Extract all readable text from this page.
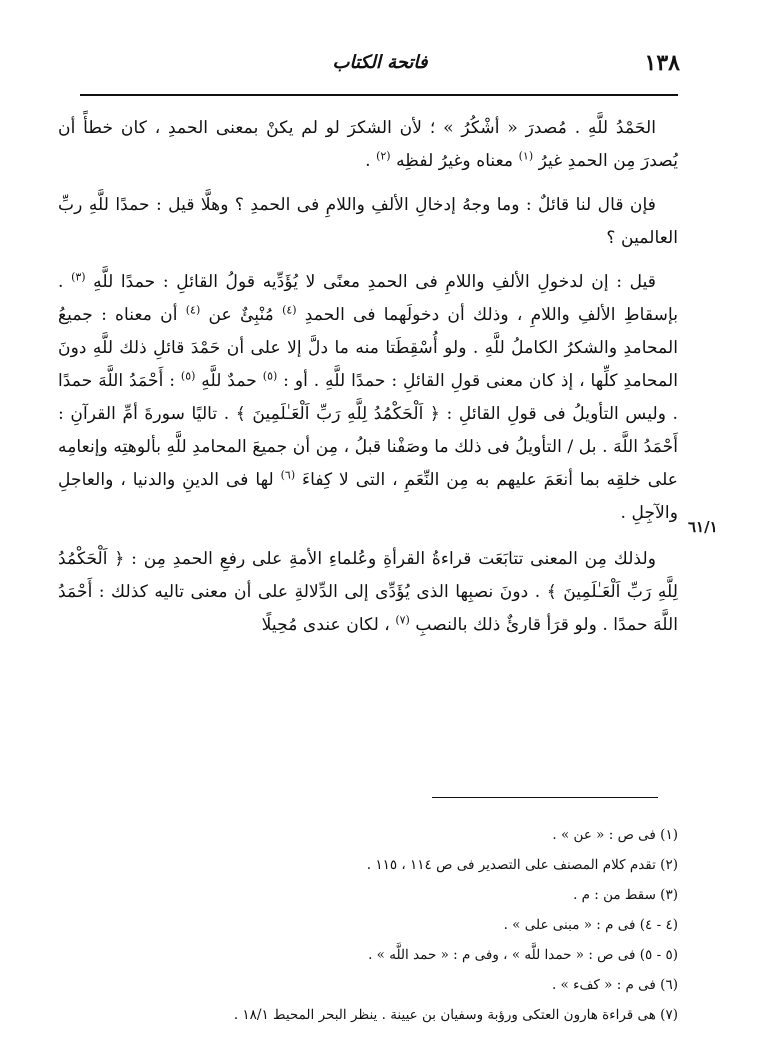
١٣٨
فاتحة الكتاب
٦١/١

الحَمْدُ للَّهِ . مُصدرَ « أشْكُرُ » ؛ لأن الشكرَ لو لم يكنْ بمعنى الحمدِ ، كان خطأً أن يُصدرَ مِن الحمدِ غيرُ $^{(١)}$ معناه وغيرُ لفظِه $^{(٢)}$ .

فإن قال لنا قائلٌ : وما وجهُ إدخالِ الألفِ واللامِ فى الحمدِ ؟ وهلَّا قيل : حمدًا للَّهِ ربِّ العالمين ؟

قيل : إن لدخولِ الألفِ واللامِ فى الحمدِ معنًى لا يُؤَدِّيه قولُ القائلِ : حمدًا للَّهِ $^{(٣)}$ . بإسقاطِ الألفِ واللامِ ، وذلك أن دخولَهما فى الحمدِ $^{(٤)}$ مُنْبِئٌ عن $^{(٤)}$ أن معناه : جميعُ المحامدِ والشكرُ الكاملُ للَّهِ . ولو أُسْقِطَتا منه ما دلَّ إلا على أن حَمْدَ قائلِ ذلك للَّهِ دونَ المحامدِ كلِّها ، إذ كان معنى قولِ القائلِ : حمدًا للَّهِ . أو : $^{(٥)}$ حمدٌ للَّهِ $^{(٥)}$ : أَحْمَدُ اللَّهَ حمدًا . وليس التأويلُ فى قولِ القائلِ : ﴿ اَلْحَكْمُدُ لِلَّهِ رَبِّ اَلْعَـٰلَمِينَ ﴾ . تاليًا سورةَ أمِّ القرآنِ : أَحْمَدُ اللَّهَ . بل / التأويلُ فى ذلك ما وصَفْنا قبلُ ، مِن أن جميعَ المحامدِ للَّهِ بألوهتِه وإنعامِه على خلقِه بما أنعَمَ عليهم به مِن النِّعَمِ ، التى لا كِفاءَ $^{(٦)}$ لها فى الدينِ والدنيا ، والعاجلِ والآجِلِ .

ولذلك مِن المعنى تتابَعَت قراءةُ القرأةِ وعُلماءِ الأمةِ على رفعِ الحمدِ مِن : ﴿ اَلْحَكْمُدُ لِلَّهِ رَبِّ اَلْعَـٰلَمِينَ ﴾ . دونَ نصبِها الذى يُؤَدِّى إلى الدِّلالةِ على أن معنى تاليه كذلك : أَحْمَدُ اللَّهَ حمدًا . ولو قرَأ قارئٌ ذلك بالنصبِ $^{(٧)}$ ، لكان عندى مُحِيلًا

(١) فى ص : « عن » .
(٢) تقدم كلام المصنف على التصدير فى ص ١١٤ ، ١١٥ .
(٣) سقط من : م .
(٤ - ٤) فى م : « مبنى على » .
(٥ - ٥) فى ص : « حمدا للَّه » ، وفى م : « حمد اللَّه » .
(٦) فى م : « كفء » .
(٧) هى قراءة هارون العتكى ورؤبة وسفيان بن عيينة . ينظر البحر المحيط ١٨/١ .
